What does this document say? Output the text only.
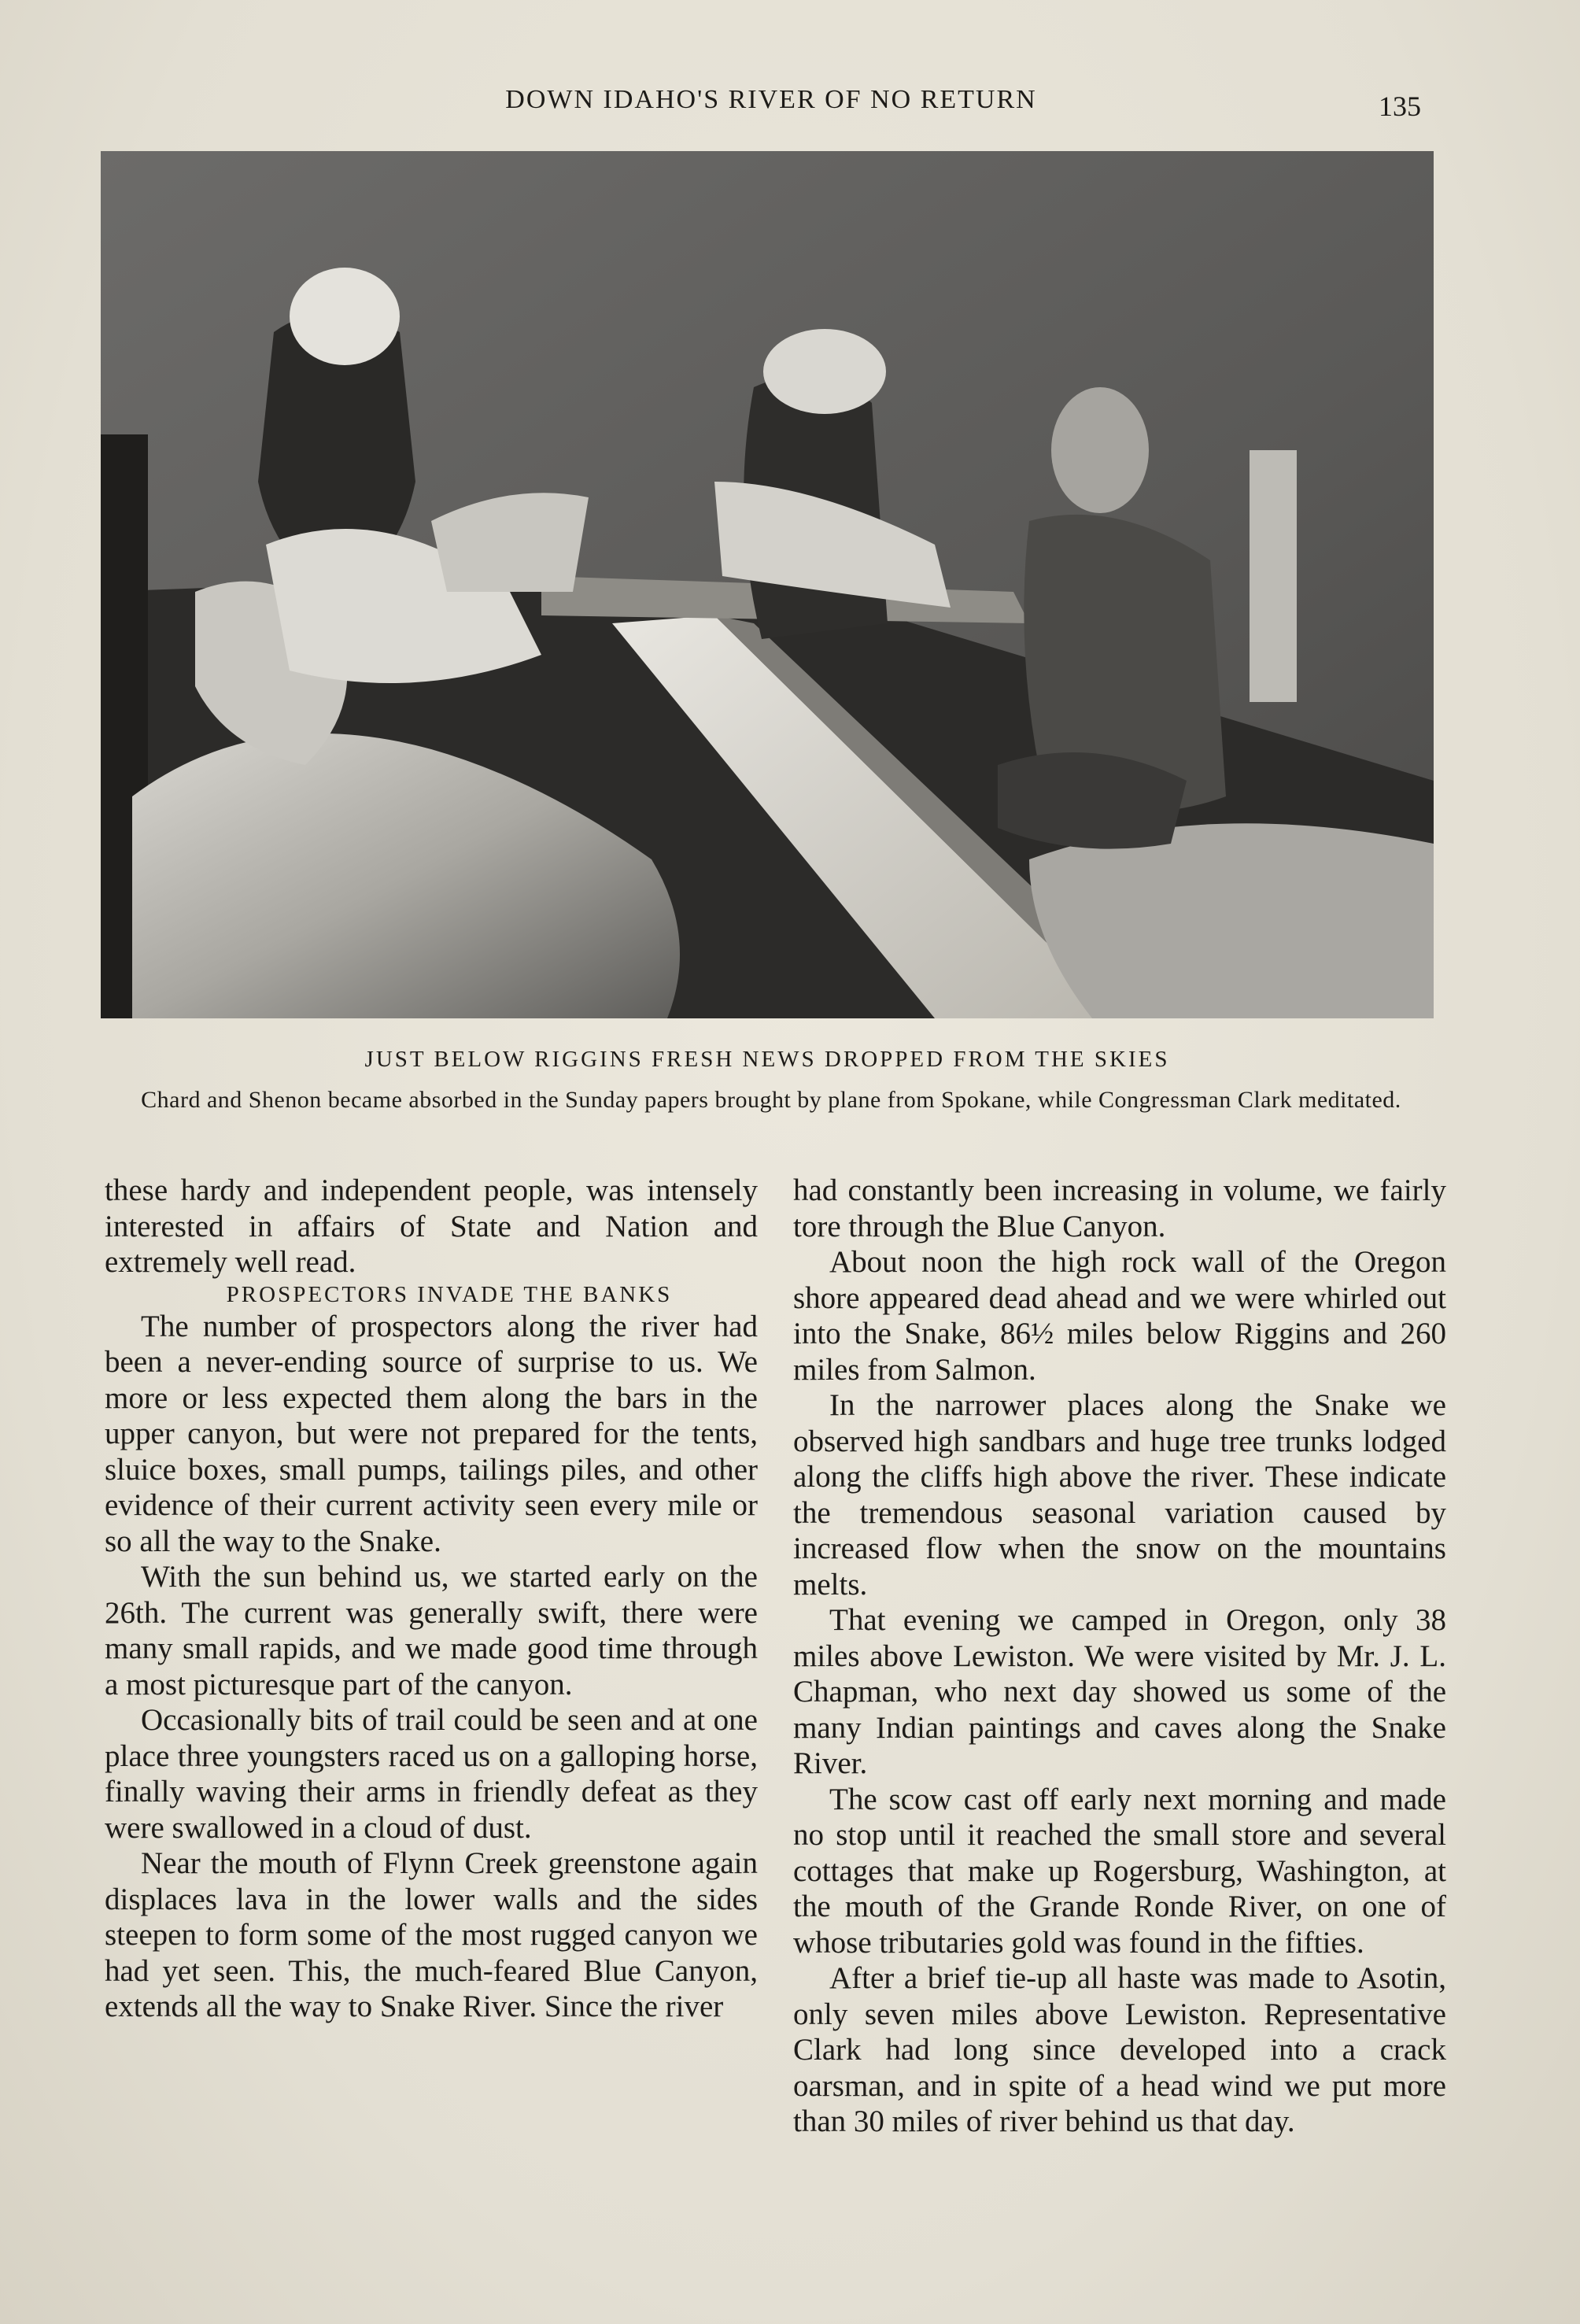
DOWN IDAHO'S RIVER OF NO RETURN	135
JUST BELOW RIGGINS FRESH NEWS DROPPED FROM THE SKIES
Chard and Shenon became absorbed in the Sunday papers brought by plane from Spokane, while Congressman Clark meditated.

these hardy and independent people, was intensely interested in affairs of State and Nation and extremely well read.

PROSPECTORS INVADE THE BANKS

The number of prospectors along the river had been a never-ending source of surprise to us. We more or less expected them along the bars in the upper canyon, but were not prepared for the tents, sluice boxes, small pumps, tailings piles, and other evidence of their current activity seen every mile or so all the way to the Snake.

With the sun behind us, we started early on the 26th. The current was generally swift, there were many small rapids, and we made good time through a most picturesque part of the canyon.

Occasionally bits of trail could be seen and at one place three youngsters raced us on a galloping horse, finally waving their arms in friendly defeat as they were swallowed in a cloud of dust.

Near the mouth of Flynn Creek greenstone again displaces lava in the lower walls and the sides steepen to form some of the most rugged canyon we had yet seen. This, the much-feared Blue Canyon, extends all the way to Snake River. Since the river

had constantly been increasing in volume, we fairly tore through the Blue Canyon.

About noon the high rock wall of the Oregon shore appeared dead ahead and we were whirled out into the Snake, 86½ miles below Riggins and 260 miles from Salmon.

In the narrower places along the Snake we observed high sandbars and huge tree trunks lodged along the cliffs high above the river. These indicate the tremendous seasonal variation caused by increased flow when the snow on the mountains melts.

That evening we camped in Oregon, only 38 miles above Lewiston. We were visited by Mr. J. L. Chapman, who next day showed us some of the many Indian paintings and caves along the Snake River.

The scow cast off early next morning and made no stop until it reached the small store and several cottages that make up Rogersburg, Washington, at the mouth of the Grande Ronde River, on one of whose tributaries gold was found in the fifties.

After a brief tie-up all haste was made to Asotin, only seven miles above Lewiston. Representative Clark had long since developed into a crack oarsman, and in spite of a head wind we put more than 30 miles of river behind us that day.
